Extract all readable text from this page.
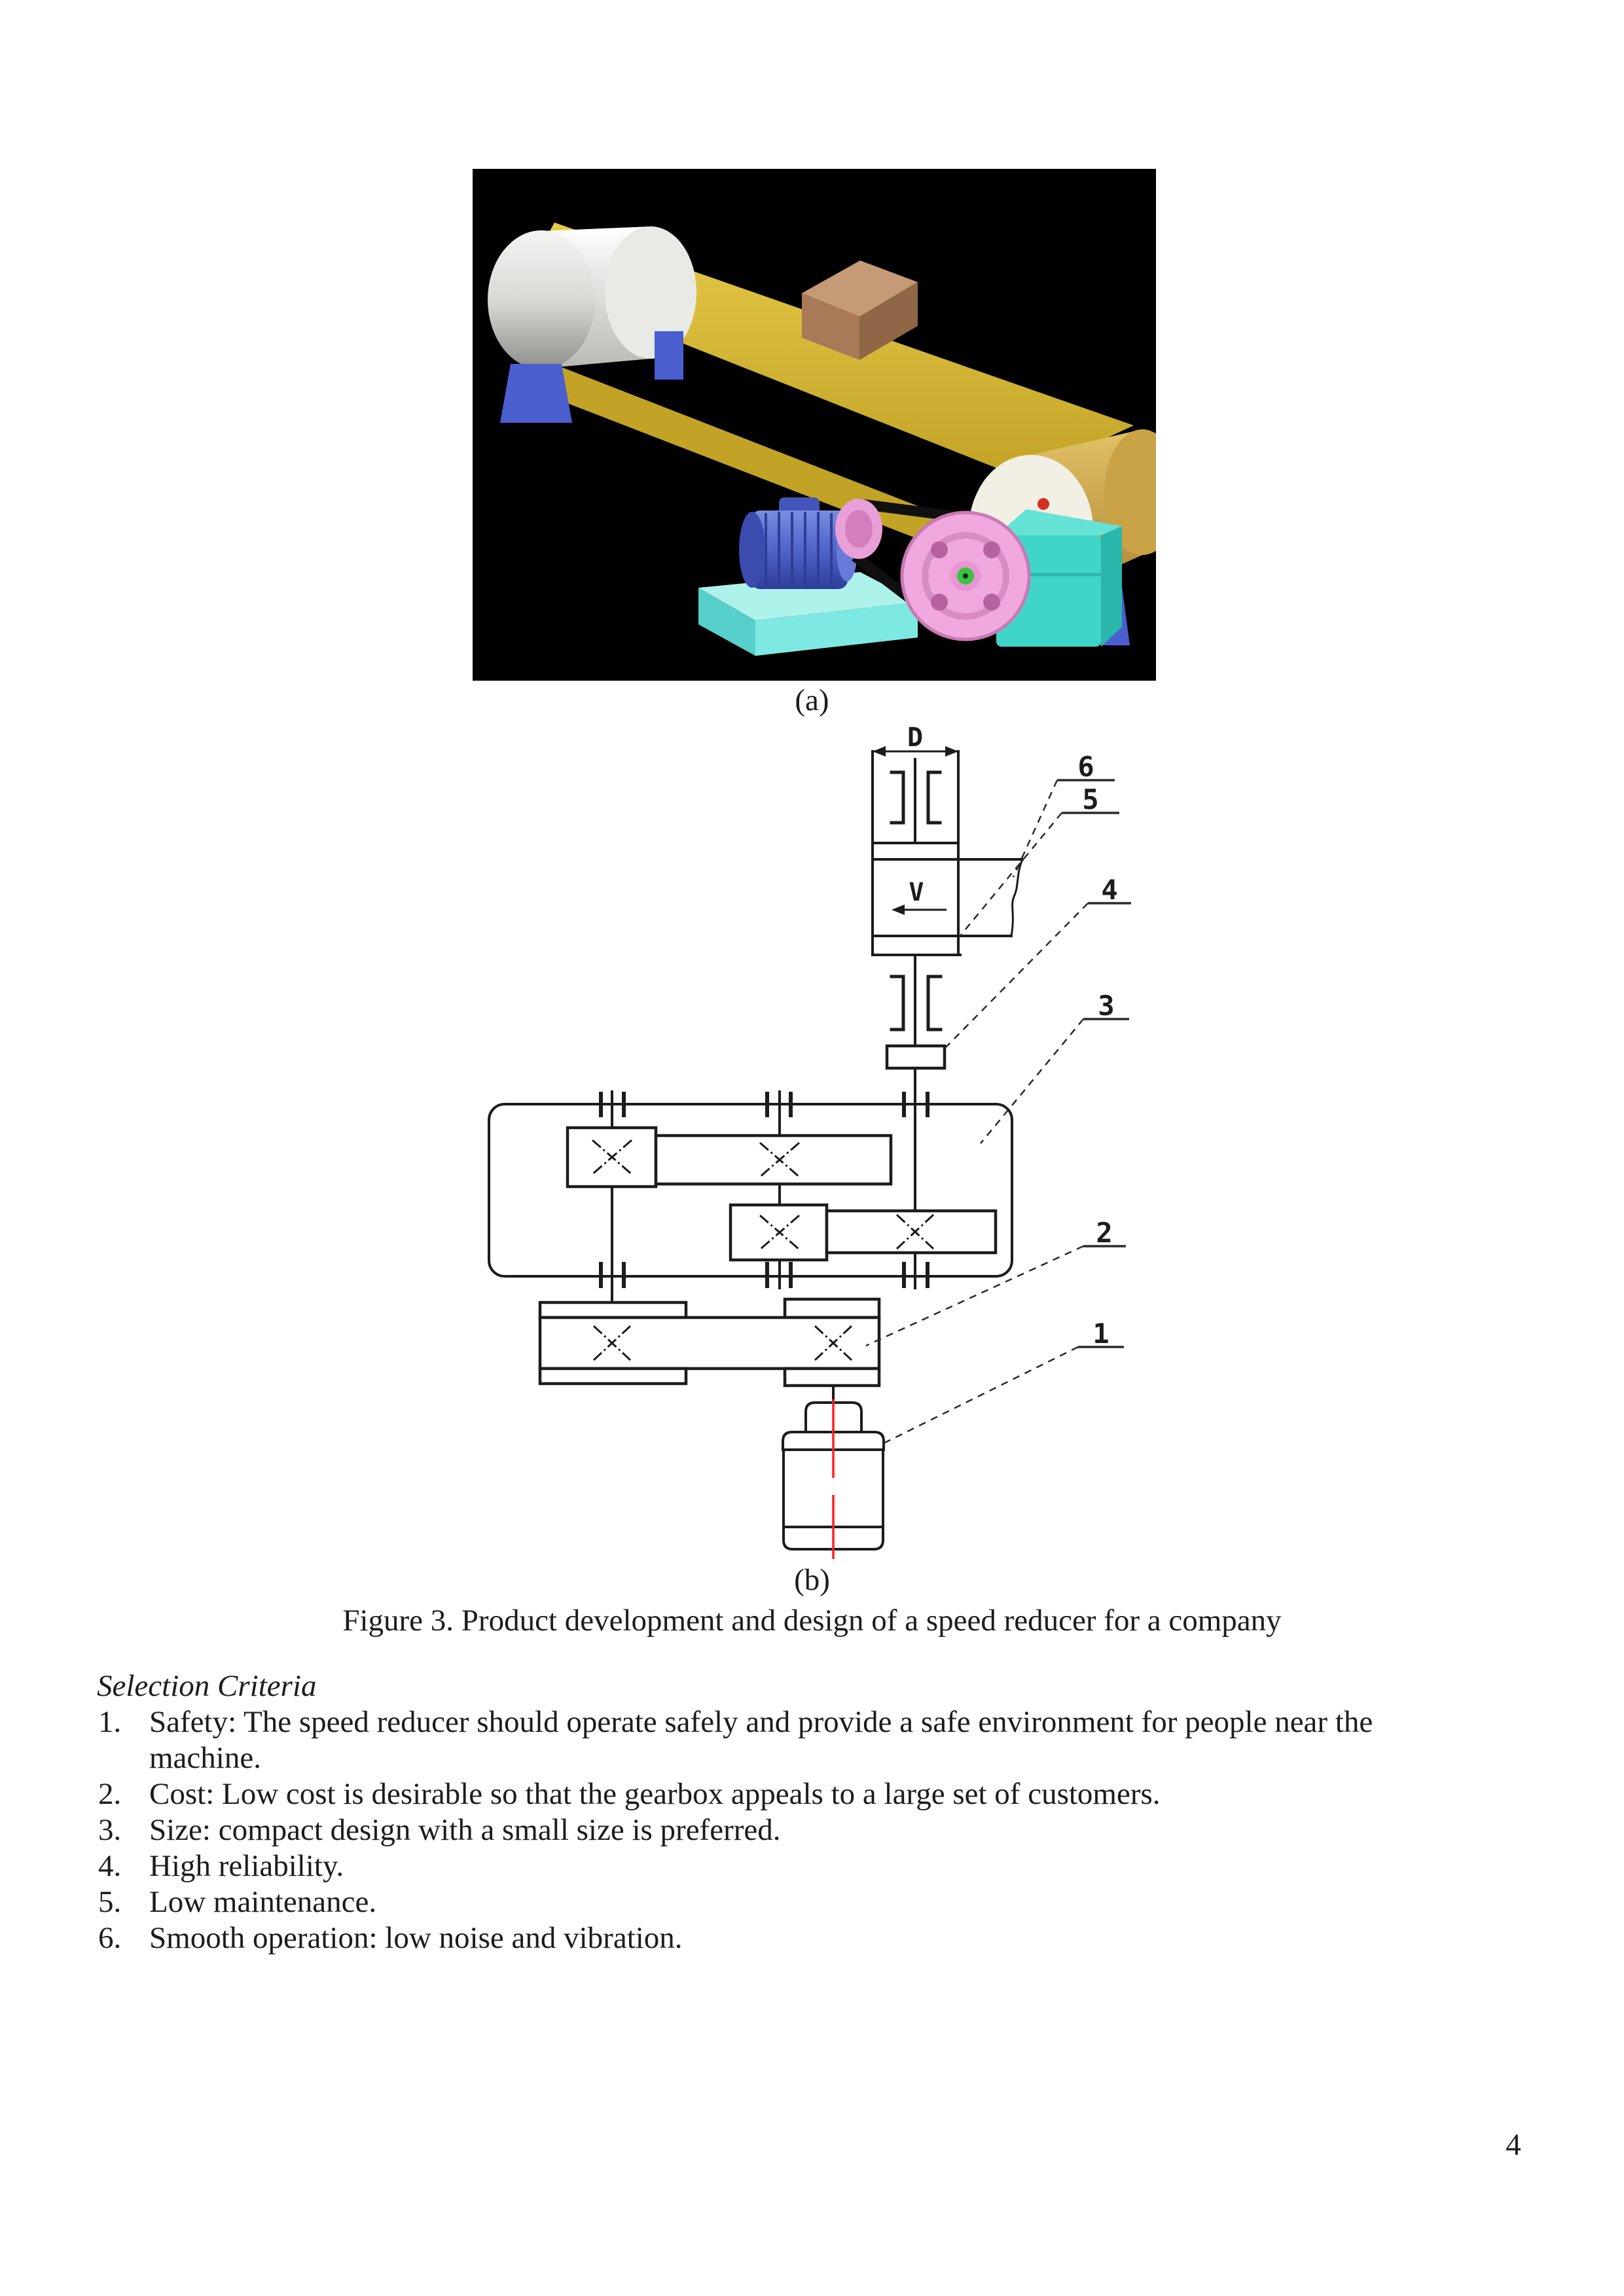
(a)
D
V
6
5
4
3
2
1
(b)
Figure 3. Product development and design of a speed reducer for a company
Selection Criteria
1. Safety: The speed reducer should operate safely and provide a safe environment for people near the
machine.
2. Cost: Low cost is desirable so that the gearbox appeals to a large set of customers.
3. Size: compact design with a small size is preferred.
4. High reliability.
5. Low maintenance.
6. Smooth operation: low noise and vibration.
4
